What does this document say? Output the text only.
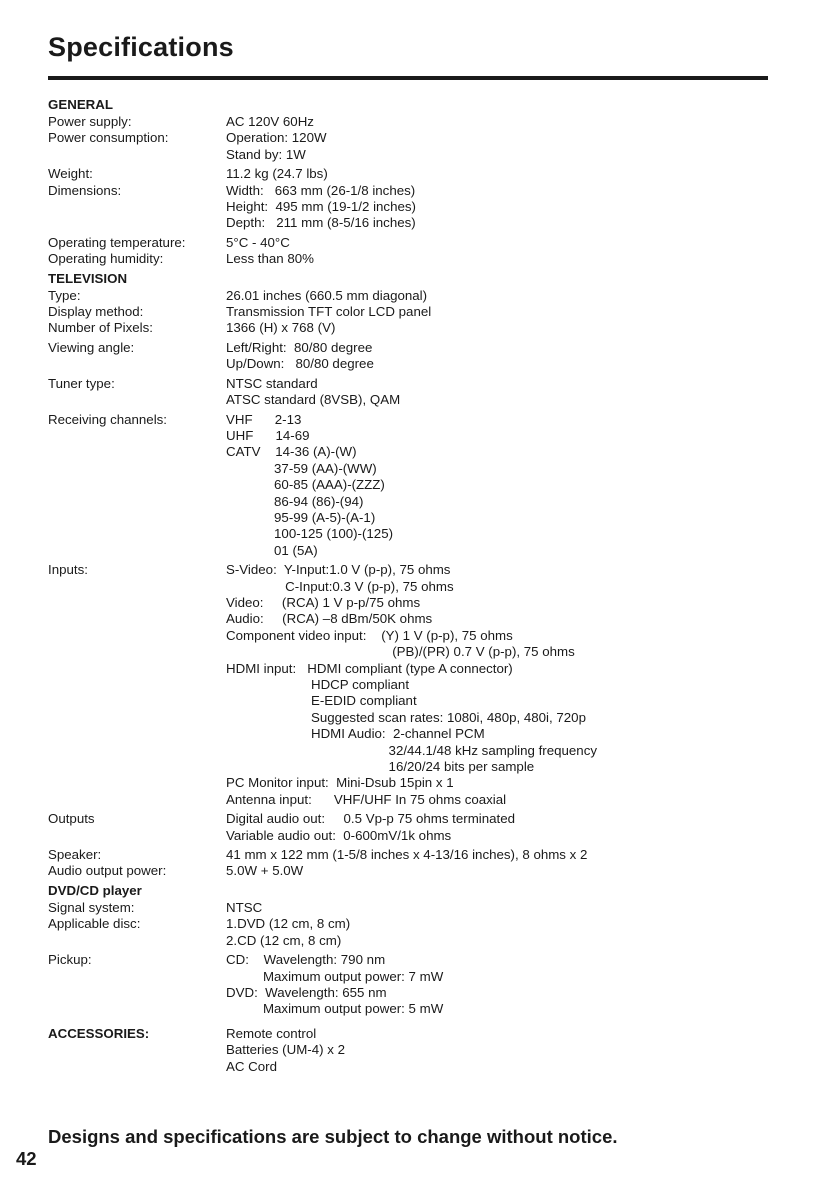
Specifications
GENERAL
Power supply:	AC 120V 60Hz
Power consumption:	Operation: 120W
Stand by: 1W
Weight:	11.2 kg (24.7 lbs)
Dimensions:	Width:   663 mm (26-1/8 inches)
Height:  495 mm (19-1/2 inches)
Depth:   211 mm (8-5/16 inches)
Operating temperature:	5°C - 40°C
Operating humidity:	Less than 80%
TELEVISION
Type:	26.01 inches (660.5 mm diagonal)
Display method:	Transmission TFT color LCD panel
Number of Pixels:	1366 (H) x 768 (V)
Viewing angle:	Left/Right:  80/80 degree
Up/Down:   80/80 degree
Tuner type:	NTSC standard
ATSC standard (8VSB), QAM
Receiving channels:	VHF      2-13
UHF      14-69
CATV    14-36 (A)-(W)
37-59 (AA)-(WW)
60-85 (AAA)-(ZZZ)
86-94 (86)-(94)
95-99 (A-5)-(A-1)
100-125 (100)-(125)
01 (5A)
Inputs:	S-Video:  Y-Input:1.0 V (p-p), 75 ohms
C-Input:0.3 V (p-p), 75 ohms
Video:     (RCA) 1 V p-p/75 ohms
Audio:     (RCA) –8 dBm/50K ohms
Component video input:    (Y) 1 V (p-p), 75 ohms
(PB)/(PR) 0.7 V (p-p), 75 ohms
HDMI input:   HDMI compliant (type A connector)
HDCP compliant
E-EDID compliant
Suggested scan rates: 1080i, 480p, 480i, 720p
HDMI Audio:  2-channel PCM
32/44.1/48 kHz sampling frequency
16/20/24 bits per sample
PC Monitor input:  Mini-Dsub 15pin x 1
Antenna input:      VHF/UHF In 75 ohms coaxial
Outputs	Digital audio out:     0.5 Vp-p 75 ohms terminated
Variable audio out:  0-600mV/1k ohms
Speaker:	41 mm x 122 mm (1-5/8 inches x 4-13/16 inches), 8 ohms x 2
Audio output power:	5.0W + 5.0W
DVD/CD player
Signal system:	NTSC
Applicable disc:	1.DVD (12 cm, 8 cm)
2.CD (12 cm, 8 cm)
Pickup:	CD:    Wavelength: 790 nm
Maximum output power: 7 mW
DVD:  Wavelength: 655 nm
Maximum output power: 5 mW
ACCESSORIES:	Remote control
Batteries (UM-4) x 2
AC Cord

Designs and specifications are subject to change without notice.

42
